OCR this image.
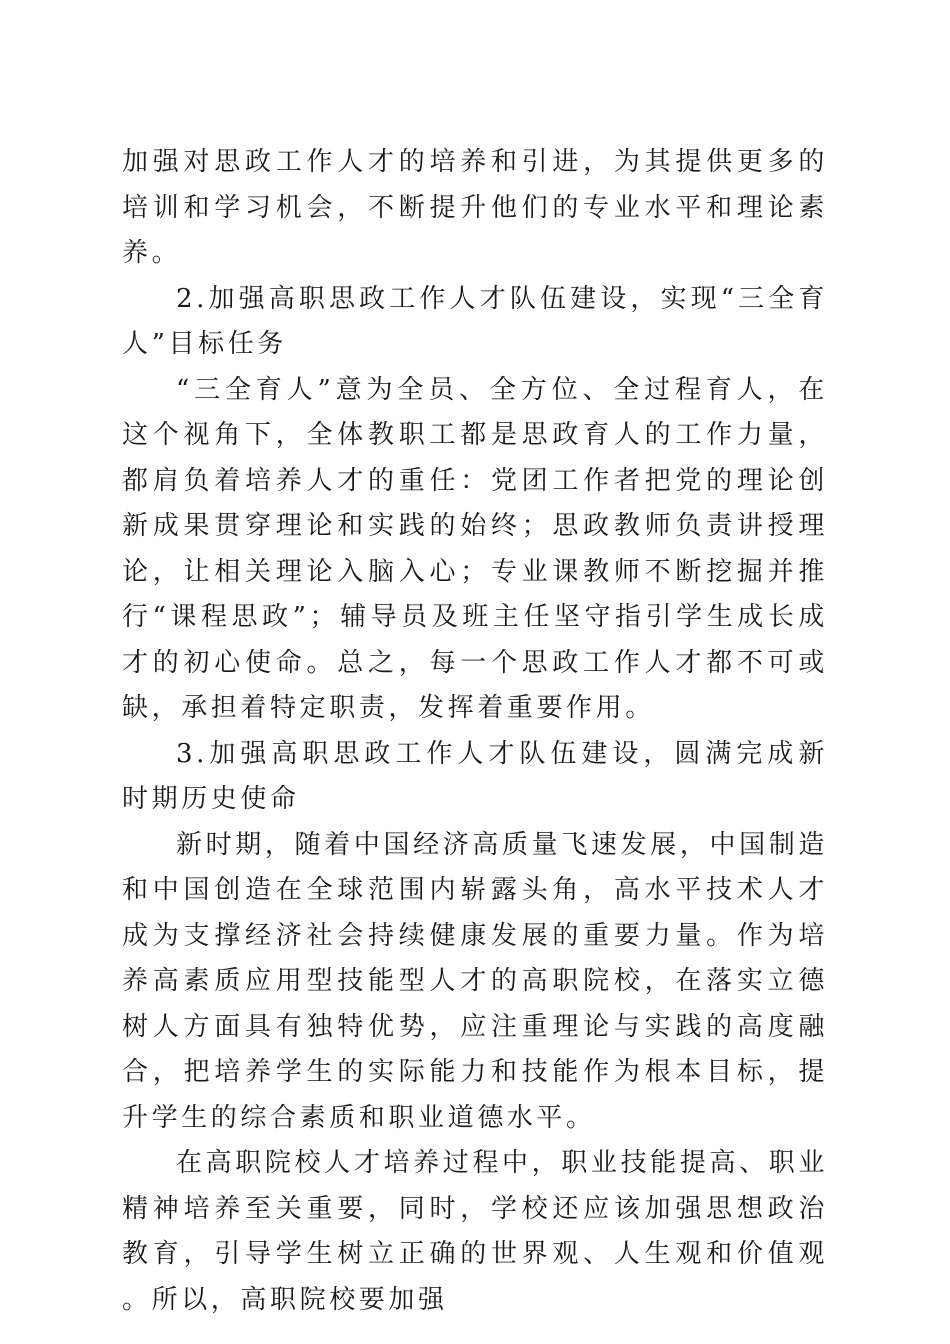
加强对思政工作人才的培养和引进，为其提供更多的培训和学习机会，不断提升他们的专业水平和理论素养。

2.加强高职思政工作人才队伍建设，实现“三全育人”目标任务

“三全育人”意为全员、全方位、全过程育人，在这个视角下，全体教职工都是思政育人的工作力量，都肩负着培养人才的重任：党团工作者把党的理论创新成果贯穿理论和实践的始终；思政教师负责讲授理论，让相关理论入脑入心；专业课教师不断挖掘并推行“课程思政”；辅导员及班主任坚守指引学生成长成才的初心使命。总之，每一个思政工作人才都不可或缺，承担着特定职责，发挥着重要作用。

3.加强高职思政工作人才队伍建设，圆满完成新时期历史使命

新时期，随着中国经济高质量飞速发展，中国制造和中国创造在全球范围内崭露头角，高水平技术人才成为支撑经济社会持续健康发展的重要力量。作为培养高素质应用型技能型人才的高职院校，在落实立德树人方面具有独特优势，应注重理论与实践的高度融合，把培养学生的实际能力和技能作为根本目标，提升学生的综合素质和职业道德水平。

在高职院校人才培养过程中，职业技能提高、职业精神培养至关重要，同时，学校还应该加强思想政治教育，引导学生树立正确的世界观、人生观和价值观。所以，高职院校要加强
